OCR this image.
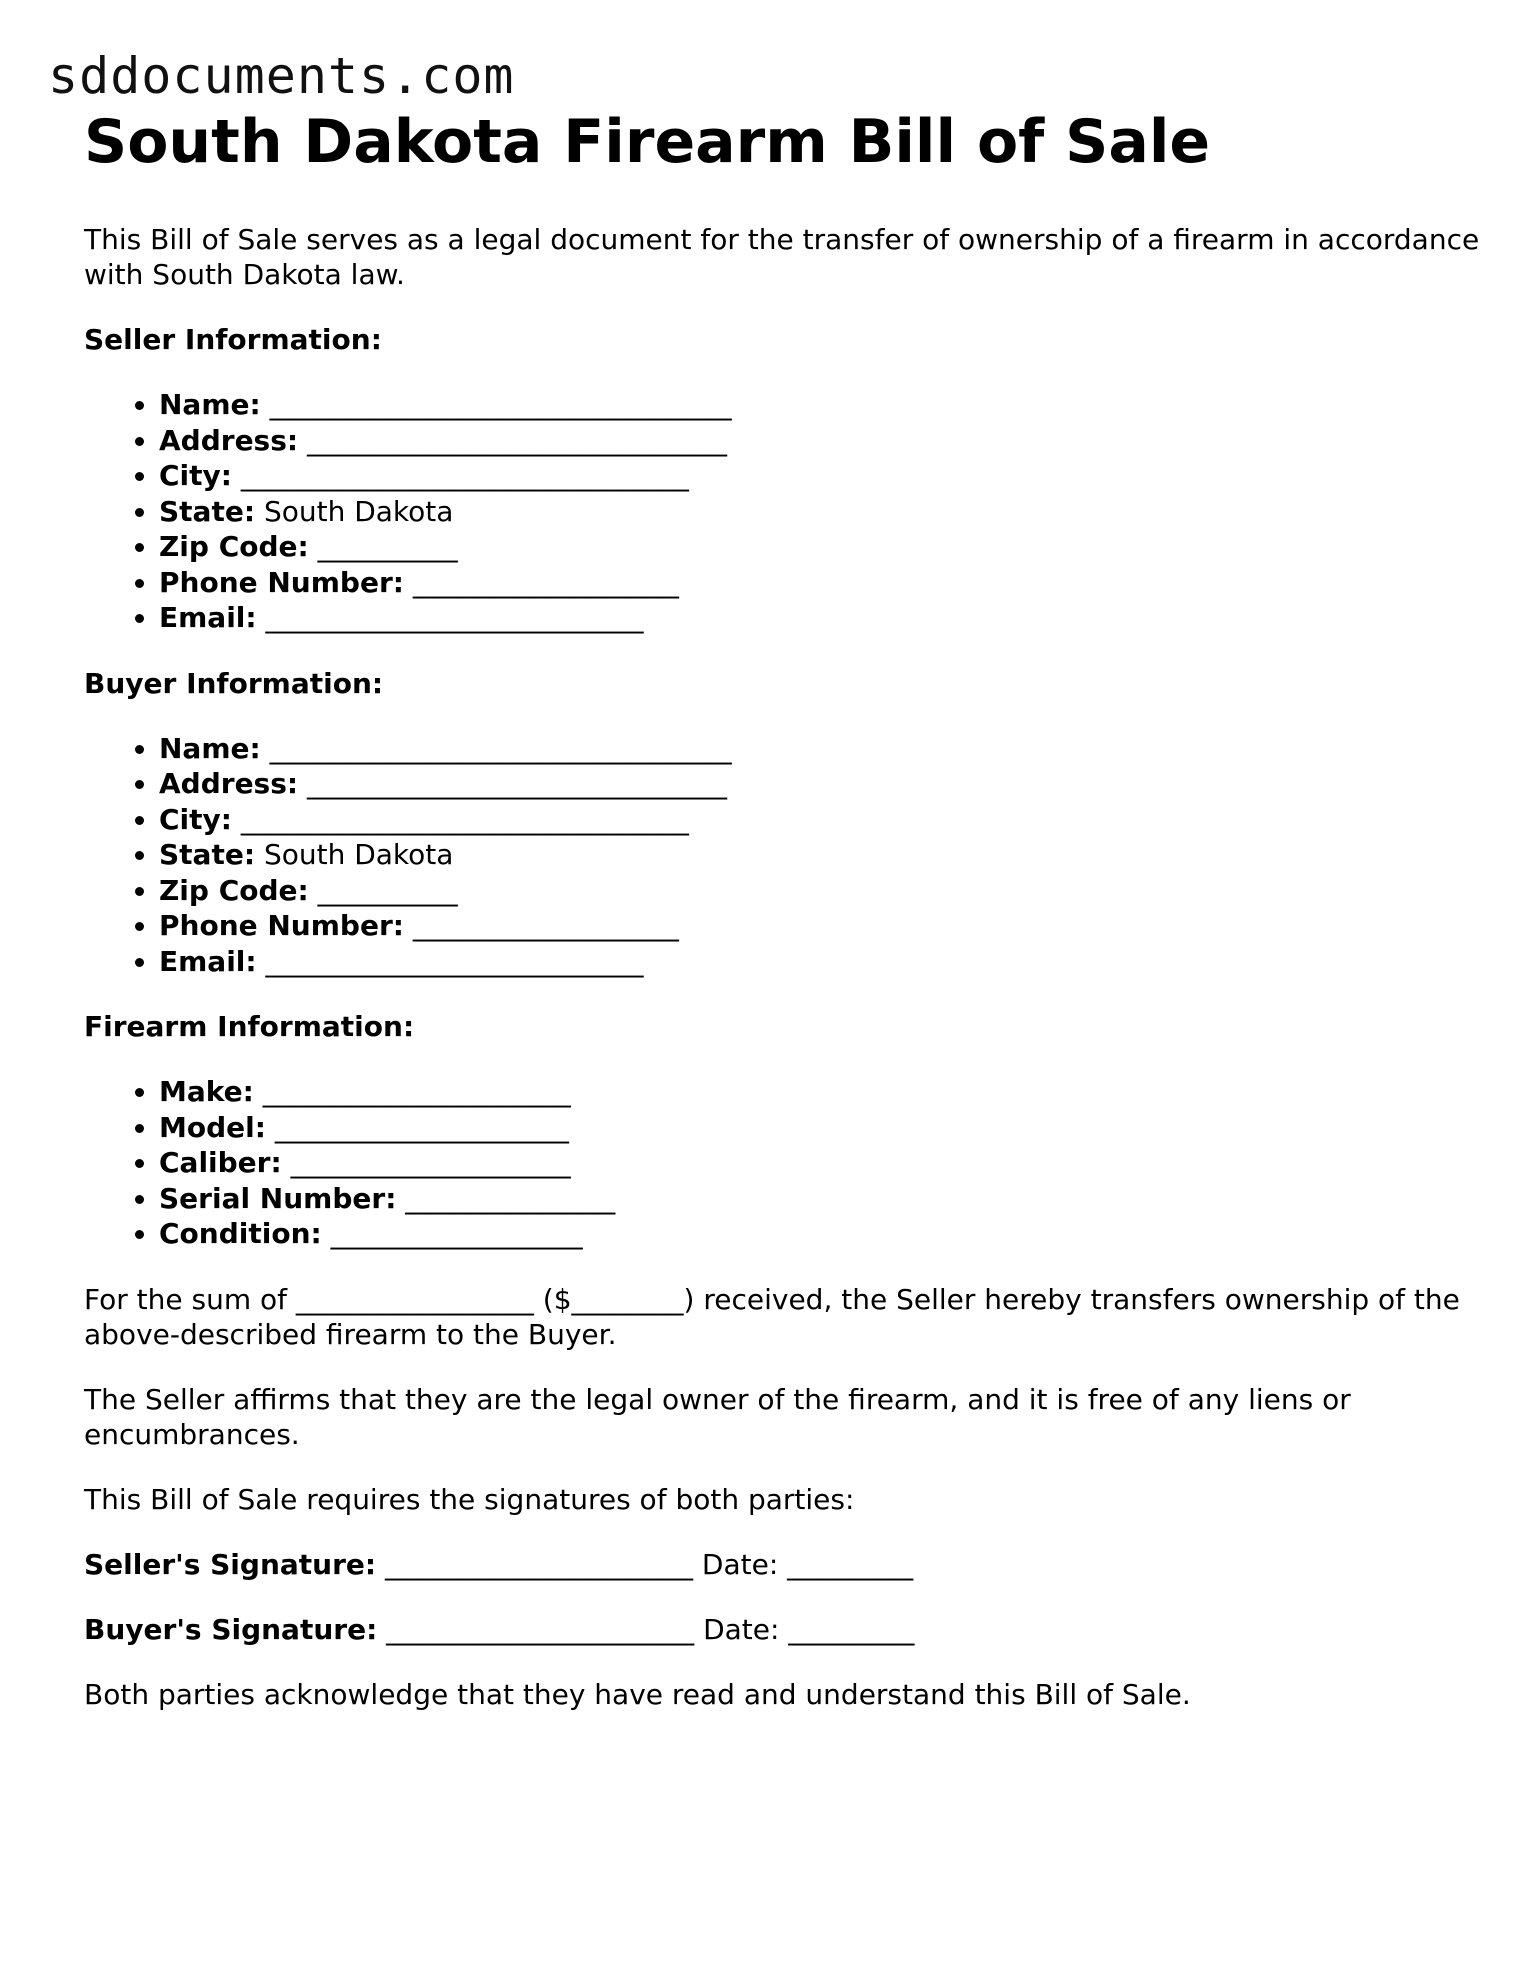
sddocuments.com
South Dakota Firearm Bill of Sale

This Bill of Sale serves as a legal document for the transfer of ownership of a firearm in accordance with South Dakota law.

Seller Information:

• Name: _________________________________
• Address: ______________________________
• City: ________________________________
• State: South Dakota
• Zip Code: __________
• Phone Number: ___________________
• Email: ___________________________

Buyer Information:

• Name: _________________________________
• Address: ______________________________
• City: ________________________________
• State: South Dakota
• Zip Code: __________
• Phone Number: ___________________
• Email: ___________________________

Firearm Information:

• Make: ______________________
• Model: _____________________
• Caliber: ____________________
• Serial Number: _______________
• Condition: __________________

For the sum of _________________ ($________) received, the Seller hereby transfers ownership of the above-described firearm to the Buyer.

The Seller affirms that they are the legal owner of the firearm, and it is free of any liens or encumbrances.

This Bill of Sale requires the signatures of both parties:

Seller's Signature: ______________________ Date: _________

Buyer's Signature: ______________________ Date: _________

Both parties acknowledge that they have read and understand this Bill of Sale.
